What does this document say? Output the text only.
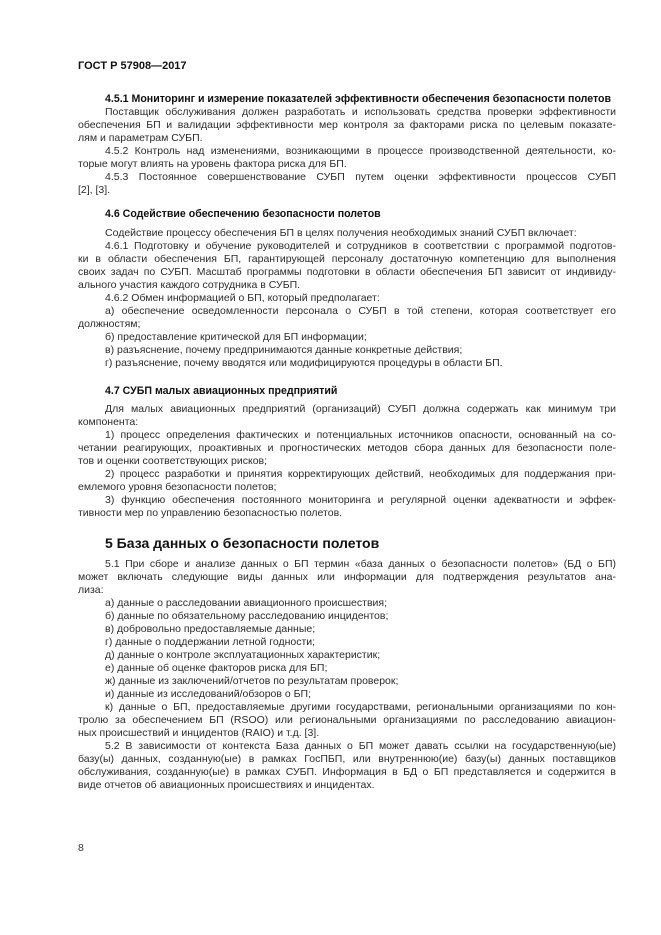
ГОСТ Р 57908—2017
4.5.1 Мониторинг и измерение показателей эффективности обеспечения безопасности полетов
Поставщик обслуживания должен разработать и использовать средства проверки эффективности
обеспечения БП и валидации эффективности мер контроля за факторами риска по целевым показате-
лям и параметрам СУБП.
4.5.2 Контроль над изменениями, возникающими в процессе производственной деятельности, ко-
торые могут влиять на уровень фактора риска для БП.
4.5.3 Постоянное совершенствование СУБП путем оценки эффективности процессов СУБП
[2], [3].
4.6 Содействие обеспечению безопасности полетов
Содействие процессу обеспечения БП в целях получения необходимых знаний СУБП включает:
4.6.1 Подготовку и обучение руководителей и сотрудников в соответствии с программой подготов-
ки в области обеспечения БП, гарантирующей персоналу достаточную компетенцию для выполнения
своих задач по СУБП. Масштаб программы подготовки в области обеспечения БП зависит от индивиду-
ального участия каждого сотрудника в СУБП.
4.6.2 Обмен информацией о БП, который предполагает:
а) обеспечение осведомленности персонала о СУБП в той степени, которая соответствует его
должностям;
б) предоставление критической для БП информации;
в) разъяснение, почему предпринимаются данные конкретные действия;
г) разъяснение, почему вводятся или модифицируются процедуры в области БП.
4.7 СУБП малых авиационных предприятий
Для малых авиационных предприятий (организаций) СУБП должна содержать как минимум три
компонента:
1) процесс определения фактических и потенциальных источников опасности, основанный на со-
четании реагирующих, проактивных и прогностических методов сбора данных для безопасности поле-
тов и оценки соответствующих рисков;
2) процесс разработки и принятия корректирующих действий, необходимых для поддержания при-
емлемого уровня безопасности полетов;
3) функцию обеспечения постоянного мониторинга и регулярной оценки адекватности и эффек-
тивности мер по управлению безопасностью полетов.
5 База данных о безопасности полетов
5.1 При сборе и анализе данных о БП термин «база данных о безопасности полетов» (БД о БП)
может включать следующие виды данных или информации для подтверждения результатов ана-
лиза:
а) данные о расследовании авиационного происшествия;
б) данные по обязательному расследованию инцидентов;
в) добровольно предоставляемые данные;
г) данные о поддержании летной годности;
д) данные о контроле эксплуатационных характеристик;
е) данные об оценке факторов риска для БП;
ж) данные из заключений/отчетов по результатам проверок;
и) данные из исследований/обзоров о БП;
к) данные о БП, предоставляемые другими государствами, региональными организациями по кон-
тролю за обеспечением БП (RSOO) или региональными организациями по расследованию авиацион-
ных происшествий и инцидентов (RAIO) и т.д. [3].
5.2 В зависимости от контекста База данных о БП может давать ссылки на государственную(ые)
базу(ы) данных, созданную(ые) в рамках ГосПБП, или внутреннюю(ие) базу(ы) данных поставщиков
обслуживания, созданную(ые) в рамках СУБП. Информация в БД о БП представляется и содержится в
виде отчетов об авиационных происшествиях и инцидентах.
8
